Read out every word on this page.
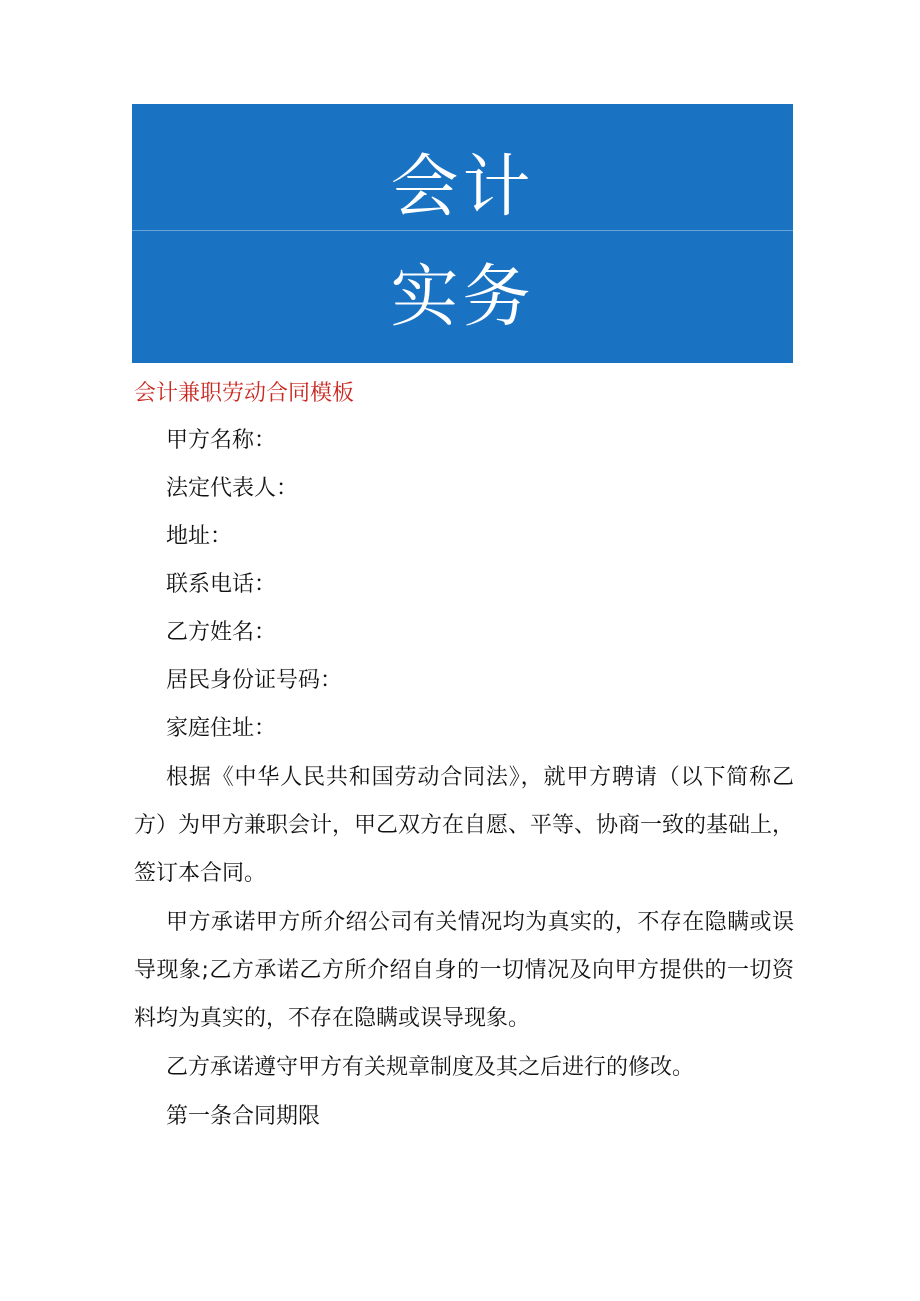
会计
实务
会计兼职劳动合同模板

甲方名称：

法定代表人：

地址：

联系电话：

乙方姓名：

居民身份证号码：

家庭住址：

根据《中华人民共和国劳动合同法》，就甲方聘请（以下简称乙方）为甲方兼职会计，甲乙双方在自愿、平等、协商一致的基础上，签订本合同。

甲方承诺甲方所介绍公司有关情况均为真实的，不存在隐瞒或误导现象;乙方承诺乙方所介绍自身的一切情况及向甲方提供的一切资料均为真实的，不存在隐瞒或误导现象。

乙方承诺遵守甲方有关规章制度及其之后进行的修改。

第一条合同期限
